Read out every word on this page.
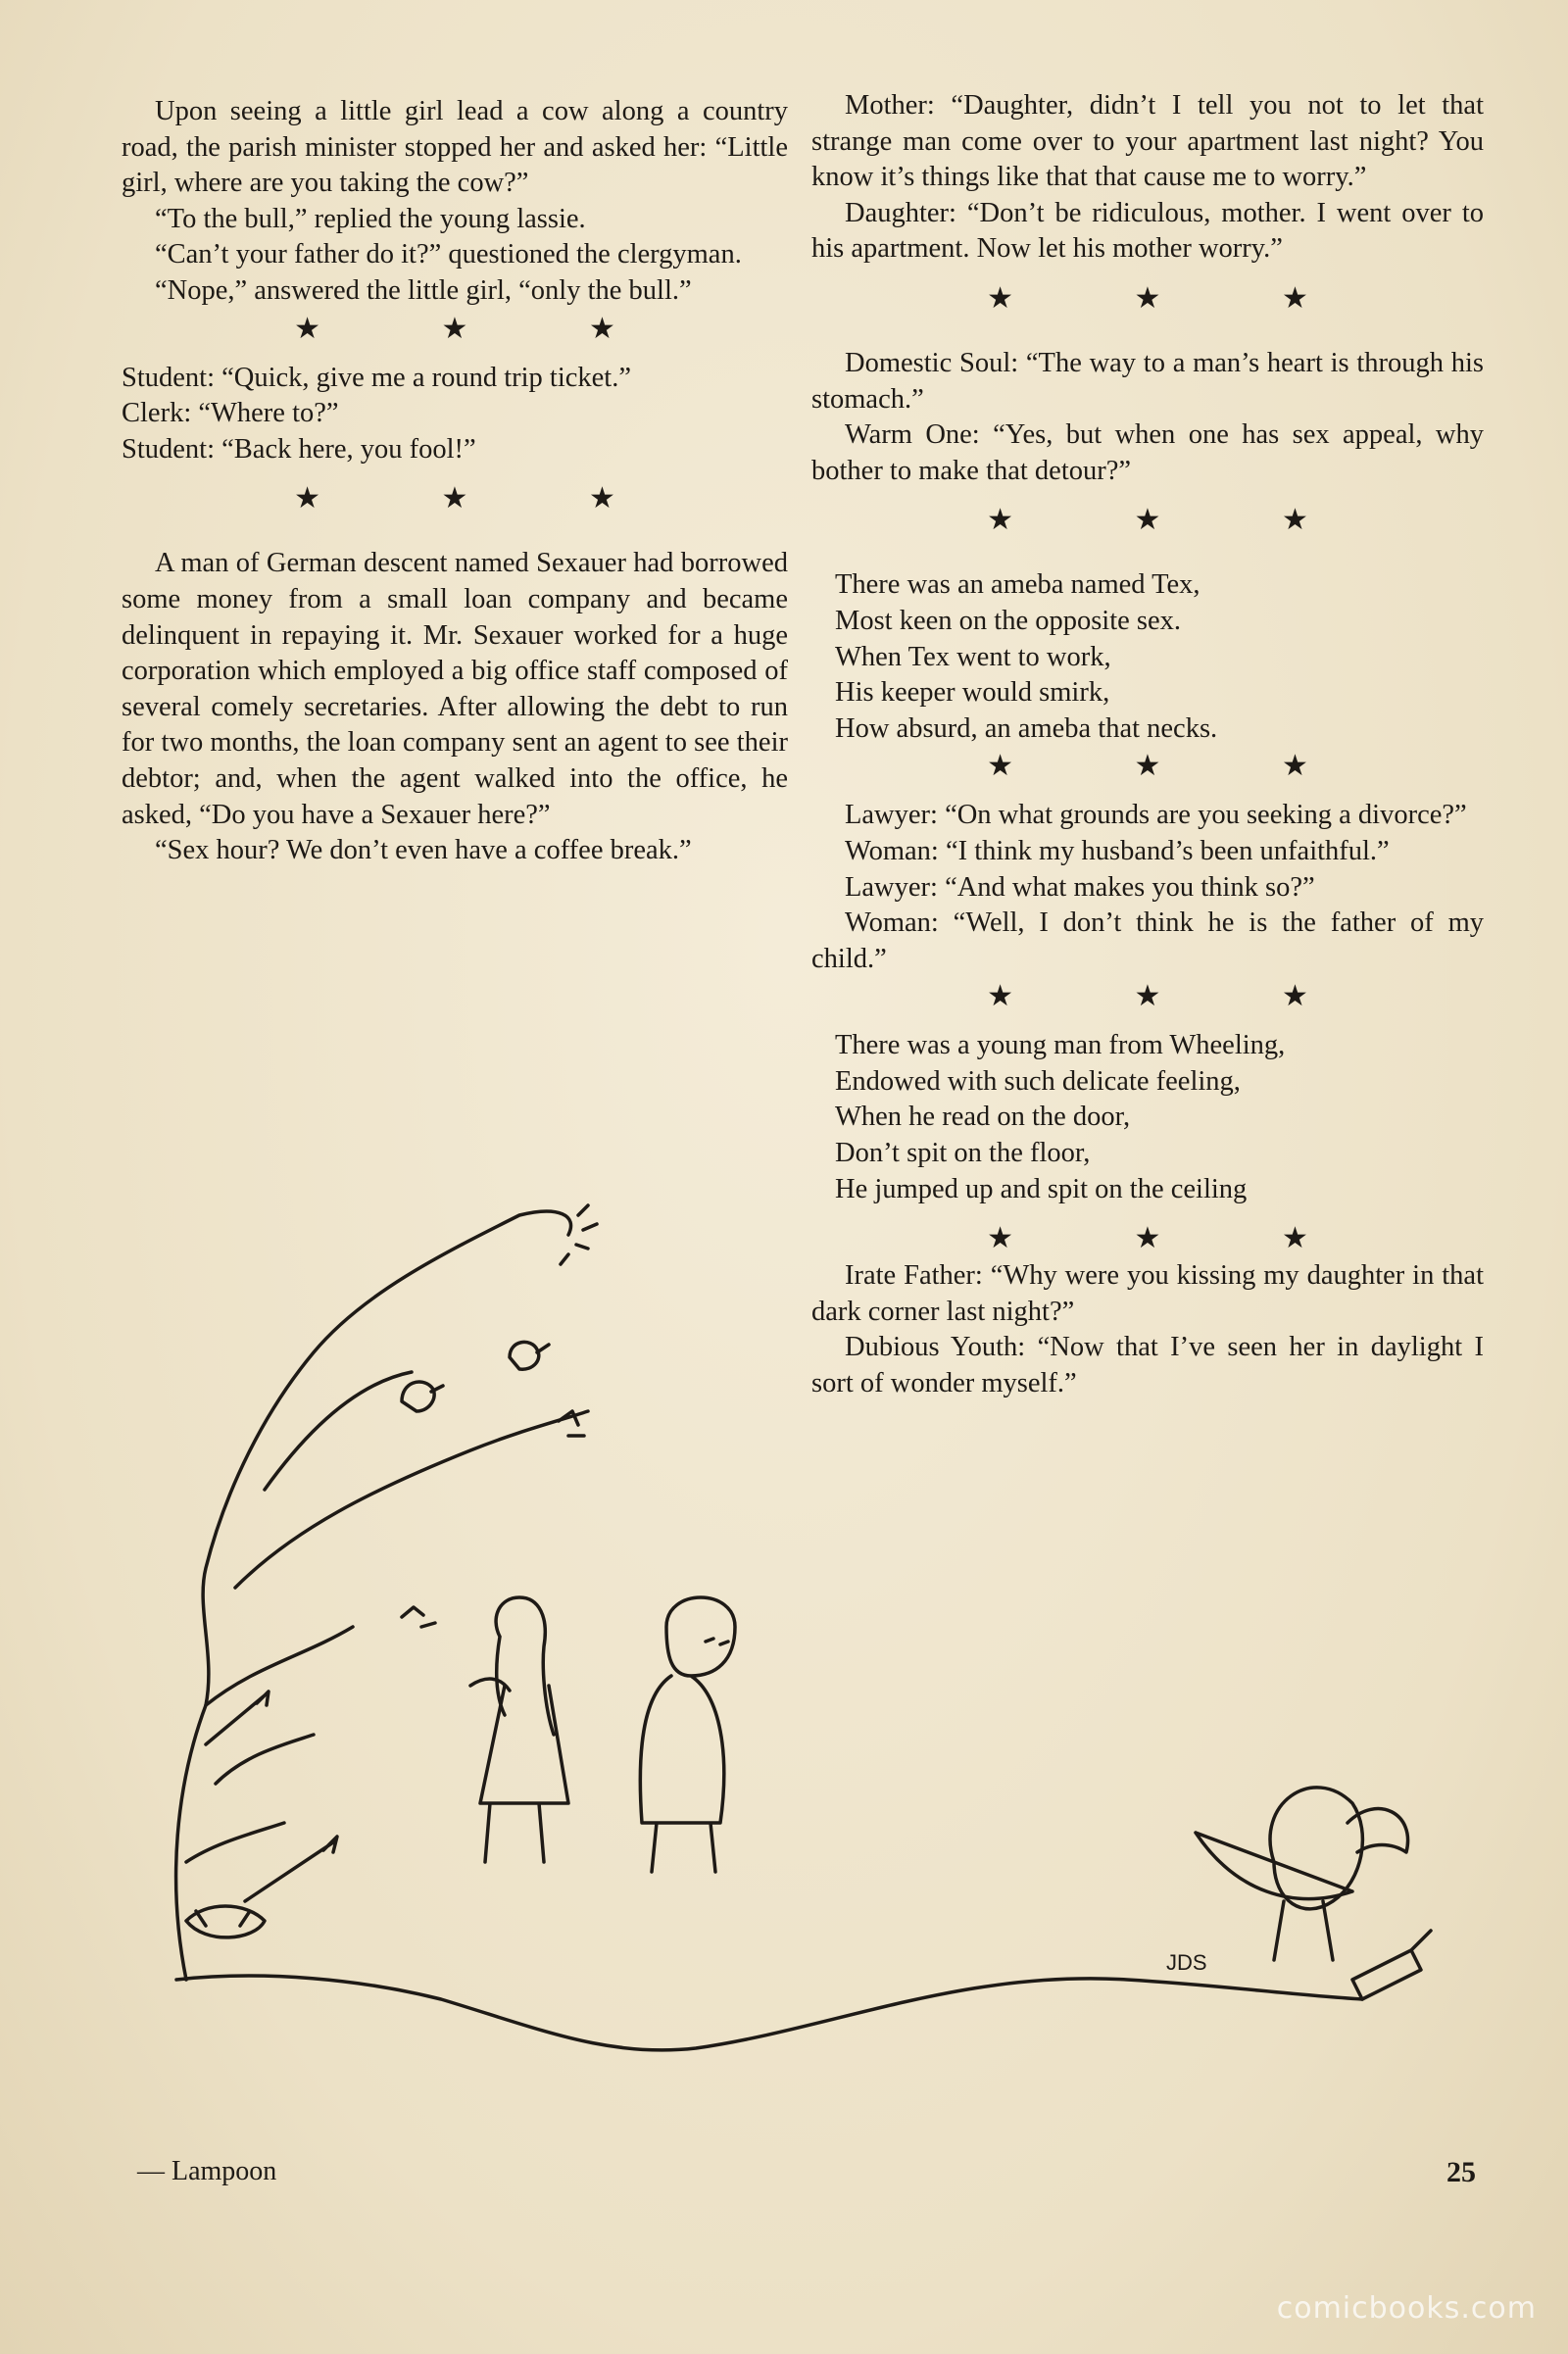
Upon seeing a little girl lead a cow along a country road, the parish minister stopped her and asked her: “Little girl, where are you taking the cow?”

“To the bull,” replied the young lassie.

“Can’t your father do it?” questioned the clergyman.

“Nope,” answered the little girl, “only the bull.”

★ ★ ★

Student: “Quick, give me a round trip ticket.”

Clerk: “Where to?”

Student: “Back here, you fool!”

★ ★ ★

A man of German descent named Sexauer had borrowed some money from a small loan company and became delinquent in repaying it. Mr. Sexauer worked for a huge corporation which employed a big office staff composed of several comely secretaries. After allowing the debt to run for two months, the loan company sent an agent to see their debtor; and, when the agent walked into the office, he asked, “Do you have a Sexauer here?”

“Sex hour? We don’t even have a coffee break.”

Mother: “Daughter, didn’t I tell you not to let that strange man come over to your apartment last night? You know it’s things like that that cause me to worry.”

Daughter: “Don’t be ridiculous, mother. I went over to his apartment. Now let his mother worry.”

★ ★ ★

Domestic Soul: “The way to a man’s heart is through his stomach.”

Warm One: “Yes, but when one has sex appeal, why bother to make that detour?”

★ ★ ★
There was an ameba named Tex,
Most keen on the opposite sex.
When Tex went to work,
His keeper would smirk,
How absurd, an ameba that necks.
★ ★ ★

Lawyer: “On what grounds are you seeking a divorce?”

Woman: “I think my husband’s been unfaithful.”

Lawyer: “And what makes you think so?”

Woman: “Well, I don’t think he is the father of my child.”

★ ★ ★
There was a young man from Wheeling,
Endowed with such delicate feeling,
When he read on the door,
Don’t spit on the floor,
He jumped up and spit on the ceiling
★ ★ ★

Irate Father: “Why were you kissing my daughter in that dark corner last night?”

Dubious Youth: “Now that I’ve seen her in daylight I sort of wonder myself.”

JDS
— Lampoon	25
comicbooks.com
